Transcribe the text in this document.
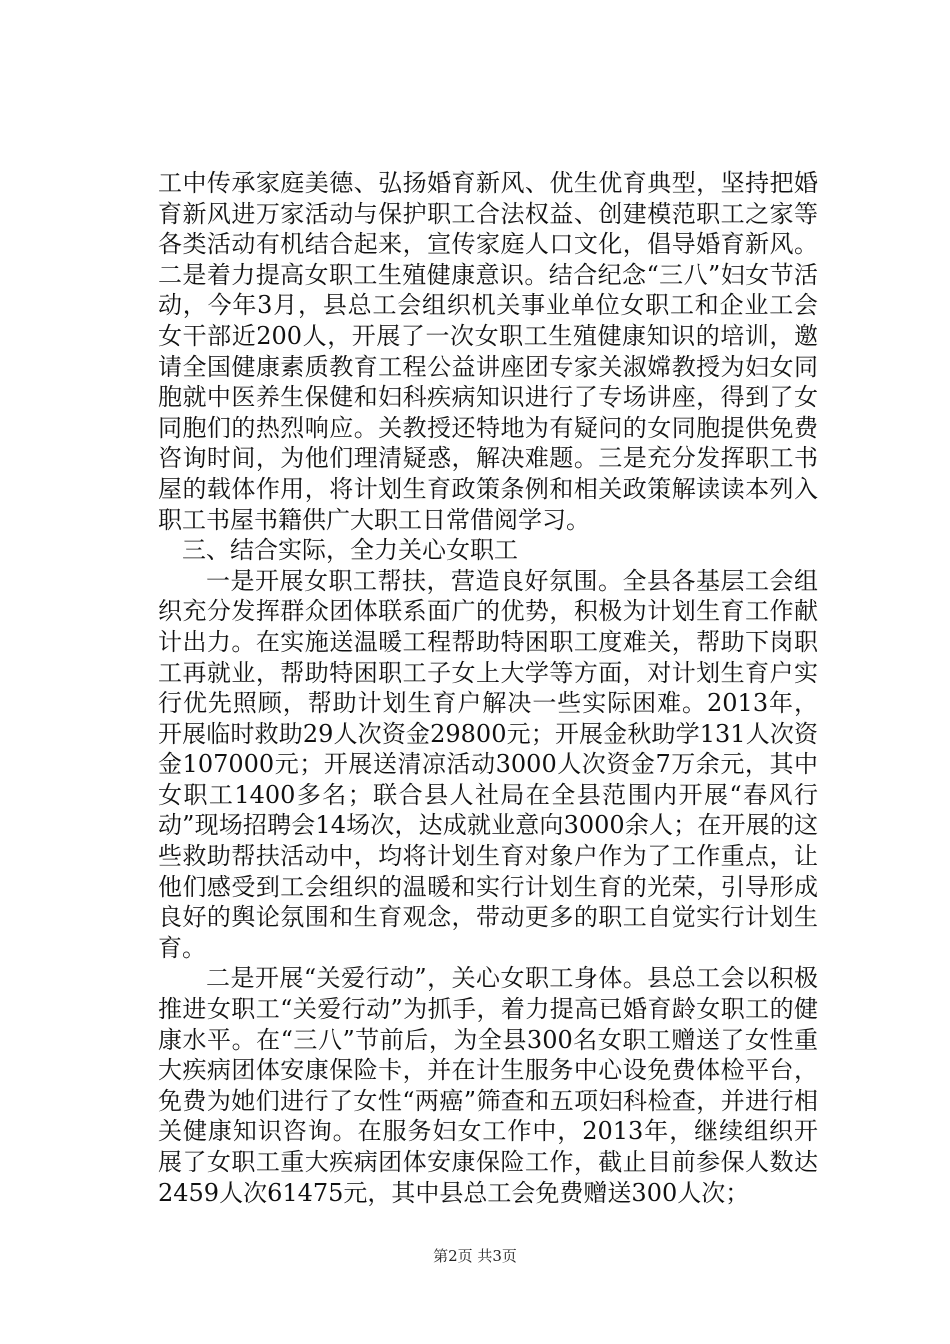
工中传承家庭美德、弘扬婚育新风、优生优育典型，坚持把婚育新风进万家活动与保护职工合法权益、创建模范职工之家等各类活动有机结合起来，宣传家庭人口文化，倡导婚育新风。二是着力提高女职工生殖健康意识。结合纪念“三八”妇女节活动，今年3月，县总工会组织机关事业单位女职工和企业工会女干部近200人，开展了一次女职工生殖健康知识的培训，邀请全国健康素质教育工程公益讲座团专家关淑嫦教授为妇女同胞就中医养生保健和妇科疾病知识进行了专场讲座，得到了女同胞们的热烈响应。关教授还特地为有疑问的女同胞提供免费咨询时间，为他们理清疑惑，解决难题。三是充分发挥职工书屋的载体作用，将计划生育政策条例和相关政策解读读本列入职工书屋书籍供广大职工日常借阅学习。

三、结合实际，全力关心女职工

一是开展女职工帮扶，营造良好氛围。全县各基层工会组织充分发挥群众团体联系面广的优势，积极为计划生育工作献计出力。在实施送温暖工程帮助特困职工度难关，帮助下岗职工再就业，帮助特困职工子女上大学等方面，对计划生育户实行优先照顾，帮助计划生育户解决一些实际困难。2013年，开展临时救助29人次资金29800元；开展金秋助学131人次资金107000元；开展送清凉活动3000人次资金7万余元，其中女职工1400多名；联合县人社局在全县范围内开展“春风行动”现场招聘会14场次，达成就业意向3000余人；在开展的这些救助帮扶活动中，均将计划生育对象户作为了工作重点，让他们感受到工会组织的温暖和实行计划生育的光荣，引导形成良好的舆论氛围和生育观念，带动更多的职工自觉实行计划生育。

二是开展“关爱行动”，关心女职工身体。县总工会以积极推进女职工“关爱行动”为抓手，着力提高已婚育龄女职工的健康水平。在“三八”节前后，为全县300名女职工赠送了女性重大疾病团体安康保险卡，并在计生服务中心设免费体检平台，免费为她们进行了女性“两癌”筛查和五项妇科检查，并进行相关健康知识咨询。在服务妇女工作中，2013年，继续组织开展了女职工重大疾病团体安康保险工作，截止目前参保人数达2459人次61475元，其中县总工会免费赠送300人次；

第2页 共3页
